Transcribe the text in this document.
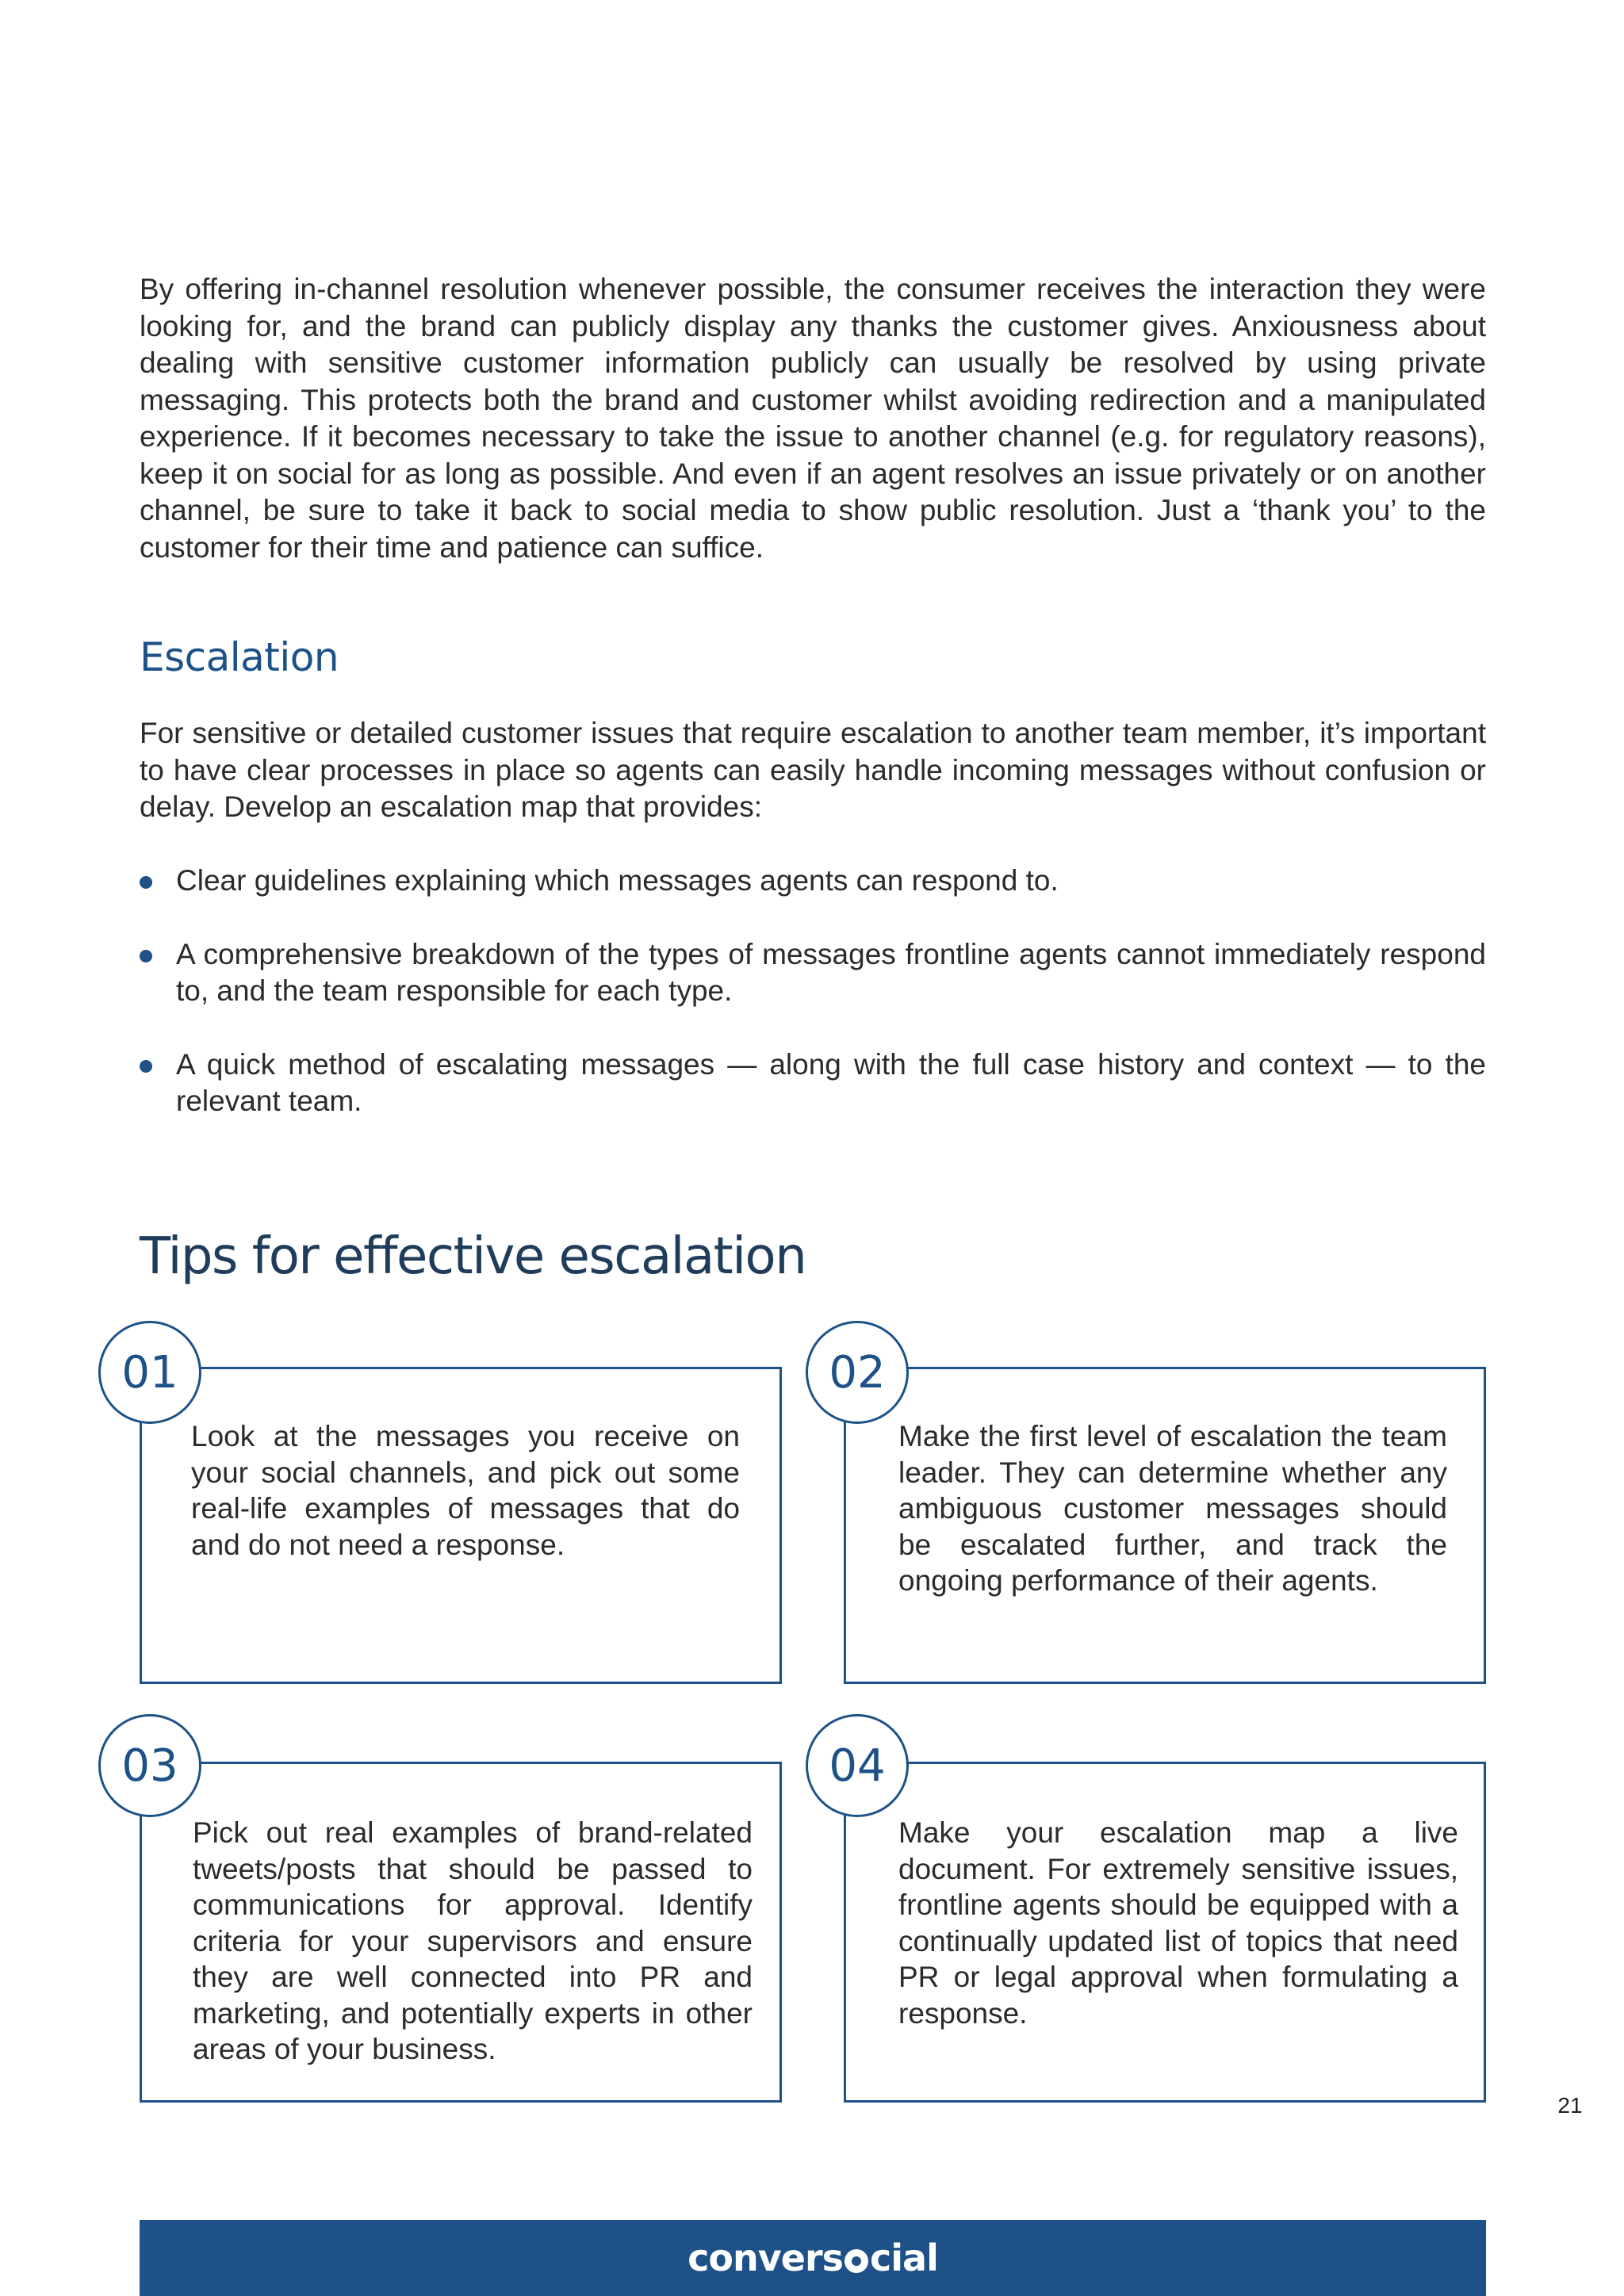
By offering in-channel resolution whenever possible, the consumer receives the interaction they were looking for, and the brand can publicly display any thanks the customer gives. Anxiousness about dealing with sensitive customer information publicly can usually be resolved by using private messaging. This protects both the brand and customer whilst avoiding redirection and a manipulated experience. If it becomes necessary to take the issue to another channel (e.g. for regulatory reasons), keep it on social for as long as possible. And even if an agent resolves an issue privately or on another channel, be sure to take it back to social media to show public resolution. Just a ‘thank you’ to the customer for their time and patience can suffice.

Escalation

For sensitive or detailed customer issues that require escalation to another team member, it’s important to have clear processes in place so agents can easily handle incoming messages without confusion or delay. Develop an escalation map that provides:

Clear guidelines explaining which messages agents can respond to.
A comprehensive breakdown of the types of messages frontline agents cannot immediately respond to, and the team responsible for each type.
A quick method of escalating messages — along with the full case history and context — to the relevant team.
Tips for effective escalation

Look at the messages you receive on your social channels, and pick out some real-life examples of messages that do and do not need a response.

01

Make the first level of escalation the team leader. They can determine whether any ambiguous customer messages should be escalated further, and track the ongoing performance of their agents.

02

Pick out real examples of brand-related tweets/posts that should be passed to communications for approval. Identify criteria for your supervisors and ensure they are well connected into PR and marketing, and potentially experts in other areas of your business.

03

Make your escalation map a live document. For extremely sensitive issues, frontline agents should be equipped with a continually updated list of topics that need PR or legal approval when formulating a response.

04
21
convers cial
